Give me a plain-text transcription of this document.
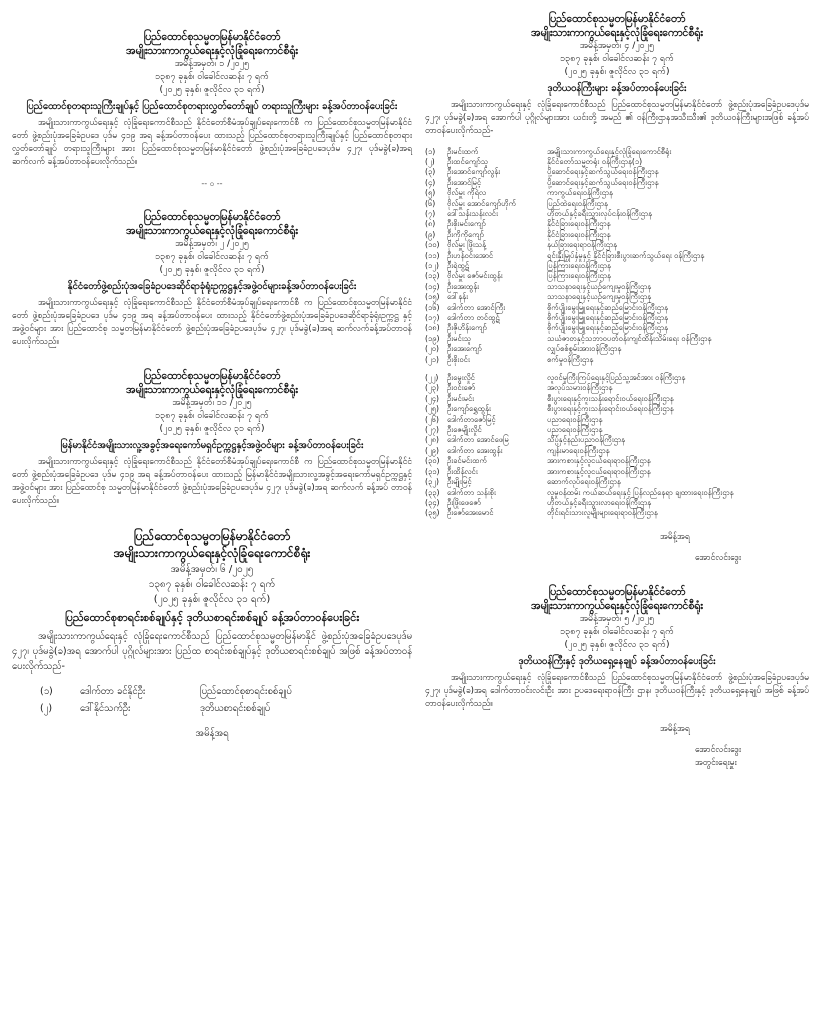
ပြည်ထောင်စုသမ္မတမြန်မာနိုင်ငံတော်
အမျိုးသားကာကွယ်ရေးနှင့်လုံခြုံရေးကောင်စီရုံး
အမိန့်အမှတ်၊ ၁ /၂၀၂၅
၁၃၈၇ ခုနှစ်၊ ဝါခေါင်လဆန်း ၇ ရက်
(၂၀၂၅ ခုနှစ်၊ ဇူလိုင်လ ၃၁ ရက်)
ပြည်ထောင်စုတရားသူကြီးချုပ်နှင့် ပြည်ထောင်စုတရားလွှတ်တော်ချုပ် တရားသူကြီးများ ခန့်အပ်တာဝန်ပေးခြင်း

အမျိုးသားကာကွယ်ရေးနှင့် လုံခြုံရေးကောင်စီသည် နိုင်ငံတော်စီမံအုပ်ချုပ်ရေးကောင်စီ က ပြည်ထောင်စုသမ္မတမြန်မာနိုင်ငံတော် ဖွဲ့စည်းပုံအခြေခံဥပဒေ ပုဒ်မ ၄၁၉ အရ ခန့်အပ်တာဝန်ပေး ထားသည့် ပြည်ထောင်စုတရားသူကြီးချုပ်နှင့် ပြည်ထောင်စုတရားလွှတ်တော်ချုပ် တရားသူကြီးများ အား ပြည်ထောင်စုသမ္မတမြန်မာနိုင်ငံတော် ဖွဲ့စည်းပုံအခြေခံဥပဒေပုဒ်မ ၄၂၇၊ ပုဒ်မခွဲ(ခ)အရ ဆက်လက် ခန့်အပ်တာဝန်ပေးလိုက်သည်။

-- ၀ --
ပြည်ထောင်စုသမ္မတမြန်မာနိုင်ငံတော်
အမျိုးသားကာကွယ်ရေးနှင့်လုံခြုံရေးကောင်စီရုံး
အမိန့်အမှတ်၊ ၂ /၂၀၂၅
၁၃၈၇ ခုနှစ်၊ ဝါခေါင်လဆန်း ၇ ရက်
(၂၀၂၅ ခုနှစ်၊ ဇူလိုင်လ ၃၁ ရက်)
နိုင်ငံတော်ဖွဲ့စည်းပုံအခြေခံဥပဒေဆိုင်ရာခုံရုံးဥက္ကဋ္ဌနှင့်အဖွဲ့ဝင်များခန့်အပ်တာဝန်ပေးခြင်း

အမျိုးသားကာကွယ်ရေးနှင့် လုံခြုံရေးကောင်စီသည် နိုင်ငံတော်စီမံအုပ်ချုပ်ရေးကောင်စီ က ပြည်ထောင်စုသမ္မတမြန်မာနိုင်ငံတော် ဖွဲ့စည်းပုံအခြေခံဥပဒေ ပုဒ်မ ၄၁၉ အရ ခန့်အပ်တာဝန်ပေး ထားသည့် နိုင်ငံတော်ဖွဲ့စည်းပုံအခြေခံဥပဒေဆိုင်ရာခုံရုံးဥက္ကဋ္ဌ နှင့် အဖွဲ့ဝင်များ အား ပြည်ထောင်စု သမ္မတမြန်မာနိုင်ငံတော် ဖွဲ့စည်းပုံအခြေခံဥပဒေပုဒ်မ ၄၂၇၊ ပုဒ်မခွဲ(ခ)အရ ဆက်လက်ခန့်အပ်တာဝန် ပေးလိုက်သည်။

ပြည်ထောင်စုသမ္မတမြန်မာနိုင်ငံတော်
အမျိုးသားကာကွယ်ရေးနှင့်လုံခြုံရေးကောင်စီရုံး
အမိန့်အမှတ်၊ ၁၁ /၂၀၂၅
၁၃၈၇ ခုနှစ်၊ ဝါခေါင်လဆန်း ၇ ရက်
(၂၀၂၅ ခုနှစ်၊ ဇူလိုင်လ ၃၁ ရက်)
မြန်မာနိုင်ငံအမျိုးသားလူ့အခွင့်အရေးကော်မရှင်ဥက္ကဋ္ဌနှင့်အဖွဲ့ဝင်များ ခန့်အပ်တာဝန်ပေးခြင်း

အမျိုးသားကာကွယ်ရေးနှင့် လုံခြုံရေးကောင်စီသည် နိုင်ငံတော်စီမံအုပ်ချုပ်ရေးကောင်စီ က ပြည်ထောင်စုသမ္မတမြန်မာနိုင်ငံတော် ဖွဲ့စည်းပုံအခြေခံဥပဒေ ပုဒ်မ ၄၁၉ အရ ခန့်အပ်တာဝန်ပေး ထားသည့် မြန်မာနိုင်ငံအမျိုးသားလူ့အခွင့်အရေးကော်မရှင်ဥက္ကဋ္ဌနှင့် အဖွဲ့ဝင်များ အား ပြည်ထောင်စု သမ္မတမြန်မာနိုင်ငံတော် ဖွဲ့စည်းပုံအခြေခံဥပဒေပုဒ်မ ၄၂၇၊ ပုဒ်မခွဲ(ခ)အရ ဆက်လက် ခန့်အပ် တာဝန်ပေးလိုက်သည်။

ပြည်ထောင်စုသမ္မတမြန်မာနိုင်ငံတော်
အမျိုးသားကာကွယ်ရေးနှင့်လုံခြုံရေးကောင်စီရုံး
အမိန့်အမှတ်၊ ၆ /၂၀၂၅
၁၃၈၇ ခုနှစ်၊ ဝါခေါင်လဆန်း ၇ ရက်
(၂၀၂၅ ခုနှစ်၊ ဇူလိုင်လ ၃၁ ရက်)
ပြည်ထောင်စုစာရင်းစစ်ချုပ်နှင့် ဒုတိယစာရင်းစစ်ချုပ် ခန့်အပ်တာဝန်ပေးခြင်း

အမျိုးသားကာကွယ်ရေးနှင့် လုံခြုံရေးကောင်စီသည် ပြည်ထောင်စုသမ္မတမြန်မာနိုင် ဖွဲ့စည်းပုံအခြေခံဥပဒေပုဒ်မ ၄၂၇၊ ပုဒ်မခွဲ(ခ)အရ အောက်ပါ ပုဂ္ဂိုလ်များအား ပြည်ထ စာရင်းစစ်ချုပ်နှင့် ဒုတိယစာရင်းစစ်ချုပ် အဖြစ် ခန့်အပ်တာဝန်ပေးလိုက်သည်-

(၁)	ဒေါက်တာ ခင်နိုင်ဦး	ပြည်ထောင်စုစာရင်းစစ်ချုပ်
(၂)	ဒေါ်နိုင်သက်ဦး	ဒုတိယစာရင်းစစ်ချုပ်
အမိန့်အရ
ပြည်ထောင်စုသမ္မတမြန်မာနိုင်ငံတော်
အမျိုးသားကာကွယ်ရေးနှင့်လုံခြုံရေးကောင်စီရုံး
အမိန့်အမှတ်၊ ၄ /၂၀၂၅
၁၃၈၇ ခုနှစ်၊ ဝါခေါင်လဆန်း ၇ ရက်
(၂၀၂၅ ခုနှစ်၊ ဇူလိုင်လ ၃၁ ရက်)
ဒုတိယဝန်ကြီးများ ခန့်အပ်တာဝန်ပေးခြင်း

အမျိုးသားကာကွယ်ရေးနှင့် လုံခြုံရေးကောင်စီသည် ပြည်ထောင်စုသမ္မတမြန်မာနိုင်ငံတော် ဖွဲ့စည်းပုံအခြေခံဥပဒေပုဒ်မ ၄၂၇၊ ပုဒ်မခွဲ(ခ)အရ အောက်ပါ ပုဂ္ဂိုလ်များအား ယင်းတို့ အမည် ၏ ဝန်ကြီးဌာနအသီးသီး၏ ဒုတိယဝန်ကြီးများအဖြစ် ခန့်အပ်တာဝန်ပေးလိုက်သည်-

(၁)	ဦးမင်းထက်	အမျိုးသားကာကွယ်ရေးနှင့်လုံခြုံရေးကောင်စီရုံး
(၂)	ဦးထင်ကျော်သူ	နိုင်ငံတော်သမ္မတရုံး ဝန်ကြီးဌာန(၁)
(၃)	ဦးအောင်ကျော်လွန်း	ပို့ဆောင်ရေးနှင့်ဆက်သွယ်ရေးဝန်ကြီးဌာန
(၄)	ဦးအောင်မြင့်	ပို့ဆောင်ရေးနှင့်ဆက်သွယ်ရေးဝန်ကြီးဌာန
(၅)	ဗိုလ်မှူး ကိုရဲလ	ကာကွယ်ရေးဝန်ကြီးဌာန
(၆)	ဗိုလ်မှူး အောင်ကျော်ဟိုက်	ပြည်ထဲရေးဝန်ကြီးဌာန
(၇)	ဒေါ်သန်းသန်းလင်း	ဟိုတယ်နှင့်ခရီးသွားလုပ်ငန်းဝန်ကြီးဌာန
(၈)	ဦးစိုးမင်းကျော်	နိုင်ငံခြားရေးဝန်ကြီးဌာန
(၉)	ဦးကိုကိုကျော်	နိုင်ငံခြားရေးဝန်ကြီးဌာန
(၁၀) ဗိုလ်မှူး ဖြိုးသန့်	နယ်ခြားရေးရာဝန်ကြီးဌာန
(၁၁) ဦးဟန်ဝင်းအောင်	ရင်းနှီးမြှုပ်နှံမှုနှင့် နိုင်ငံခြားစီးပွားဆက်သွယ်ရေး ဝန်ကြီးဌာန
(၁၂)	ဦးရဲထွဋ်	ပြန်ကြားရေးဝန်ကြီးဌာန
(၁၃) ဗိုလ်မှူး ဇော်မင်းထွန်း	ပြန်ကြားရေးဝန်ကြီးဌာန
(၁၄) ဦးအေးထွန်း	သာသနာရေးနှင့်ယဉ်ကျေးမှုဝန်ကြီးဌာန
(၁၅) ဒေါ်နန်း	သာသနာရေးနှင့်ယဉ်ကျေးမှုဝန်ကြီးဌာန
(၁၆) ဒေါက်တာ အောင်ကြီး	စိုက်ပျိုးမွေးမြူရေးနှင့်ဆည်မြောင်းဝန်ကြီးဌာန
(၁၇) ဒေါက်တာ တင်ထွဋ်	စိုက်ပျိုးမွေးမြူရေးနှင့်ဆည်မြောင်းဝန်ကြီးဌာန
(၁၈) ဦးဇိုဟိန်းကျော်	စိုက်ပျိုးမွေးမြူရေးနှင့်ဆည်မြောင်းဝန်ကြီးဌာန
(၁၉) ဦးမင်းသူ	သယံဇာတနှင့်သဘာဝပတ်ဝန်းကျင်ထိန်းသိမ်းရေး ဝန်ကြီးဌာန
(၂၀)	ဦးအေးကျော်	လျှပ်စစ်စွမ်းအားဝန်ကြီးဌာန
(၂၁)	ဦးစိုးဝင်း	စက်မှုဝန်ကြီးဌာန
(၂၂)	ဦးမွေးလှိုင်	လူဝင်မှုကြီးကြပ်ရေးနှင့်ပြည်သူ့အင်အား ဝန်ကြီးဌာန
(၂၃)	ဦးဝင်းဇော်	အလုပ်သမားဝန်ကြီးဌာန
(၂၄)	ဦးမင်းမင်း	စီးပွားရေးနှင့်ကူးသန်းရောင်းဝယ်ရေးဝန်ကြီးဌာန
(၂၅)	ဦးကျော်ရွှေထွန်း	စီးပွားရေးနှင့်ကူးသန်းရောင်းဝယ်ရေးဝန်ကြီးဌာန
(၂၆)	ဒေါက်တာဇော်မြင့်	ပညာရေးဝန်ကြီးဌာန
(၂၇)	ဦးဇေမျိုးလှိုင်	ပညာရေးဝန်ကြီးဌာန
(၂၈)	ဒေါက်တာ အောင်ဖေမြ	သိပ္ပံနှင့်နည်းပညာဝန်ကြီးဌာန
(၂၉)	ဒေါက်တာ အေးထွန်း	ကျန်းမာရေးဝန်ကြီးဌာန
(၃၀) ဦးခင်မင်းထက်	အားကစားနှင့်လူငယ်ရေးရာဝန်ကြီးဌာန
(၃၁) ဦးထိန်လင်း	အားကစားနှင့်လူငယ်ရေးရာဝန်ကြီးဌာန
(၃၂)	ဦးမျိုးမြင့်	ဆောက်လုပ်ရေးဝန်ကြီးဌာန
(၃၃) ဒေါက်တာ သန်းစိုး	လူမှုဝန်ထမ်း ကယ်ဆယ်ရေးနှင့် ပြန်လည်နေရာ ချထားရေးဝန်ကြီးဌာန
(၃၄) ဦးဖြိုးဖေဇော်	ဟိုတယ်နှင့်ခရီးသွားလာရေးဝန်ကြီးဌာန
(၃၅) ဦးဇော်အေးမောင်	တိုင်းရင်းသားလူမျိုးများရေးရာဝန်ကြီးဌာန
အမိန့်အရ
အောင်လင်းဒွေး
ပြည်ထောင်စုသမ္မတမြန်မာနိုင်ငံတော်
အမျိုးသားကာကွယ်ရေးနှင့်လုံခြုံရေးကောင်စီရုံး
အမိန့်အမှတ်၊ ၅ /၂၀၂၅
၁၃၈၇ ခုနှစ်၊ ဝါခေါင်လဆန်း ၇ ရက်
(၂၀၂၅ ခုနှစ်၊ ဇူလိုင်လ ၃၁ ရက်)
ဒုတိယဝန်ကြီးနှင့် ဒုတိယရှေ့နေချုပ် ခန့်အပ်တာဝန်ပေးခြင်း

အမျိုးသားကာကွယ်ရေးနှင့် လုံခြုံရေးကောင်စီသည် ပြည်ထောင်စုသမ္မတမြန်မာနိုင်ငံတော် ဖွဲ့စည်းပုံအခြေခံဥပဒေပုဒ်မ ၄၂၇၊ ပုဒ်မခွဲ(ခ)အရ ဒေါက်တာဝင်းလင်းဦး အား ဥပဒေရေးရာဝန်ကြီး ဌာန၊ ဒုတိယဝန်ကြီးနှင့် ဒုတိယရှေ့နေချုပ် အဖြစ် ခန့်အပ်တာဝန်ပေးလိုက်သည်။

အမိန့်အရ
အောင်လင်းဒွေး
အတွင်းရေးမှူး
